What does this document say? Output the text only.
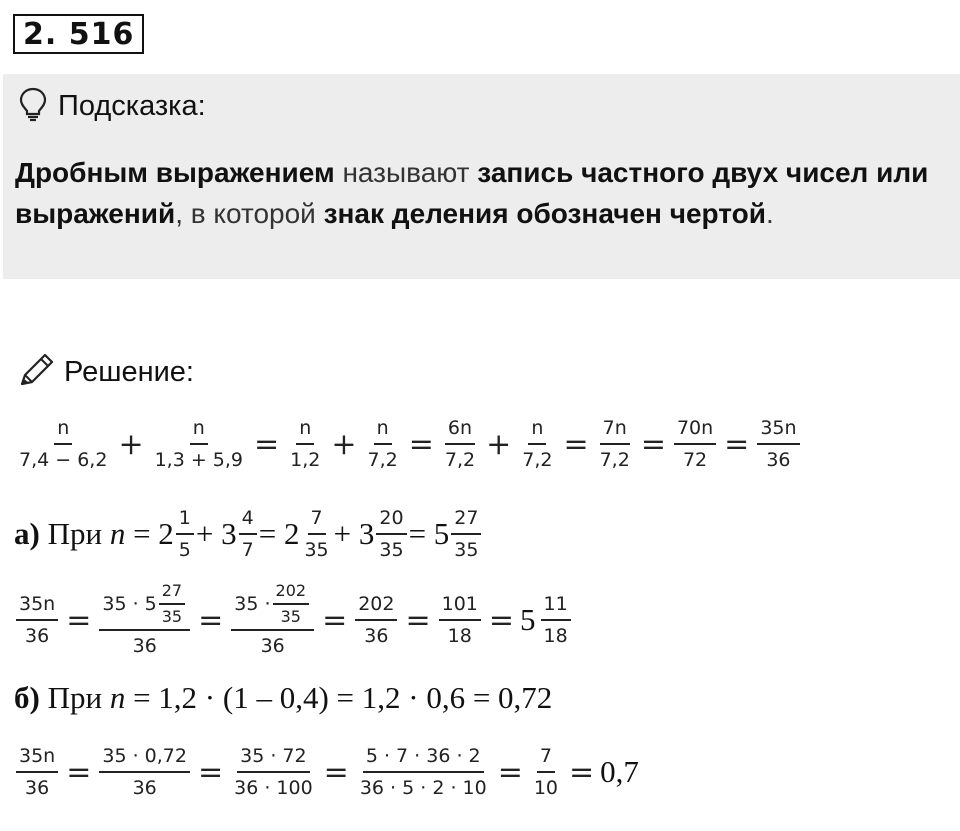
2. 516
Подсказка:
Дробным выражением называют запись частного двух чисел или выражений, в которой знак деления обозначен чертой.
Решение:
$\frac{n}{7,4 - 6,2} + \frac{n}{1,3 + 5,9} = \frac{n}{1,2} + \frac{n}{7,2} = \frac{6n}{7,2} + \frac{n}{7,2} = \frac{7n}{7,2} = \frac{70n}{72} = \frac{35n}{36}$
а) При $n = 2 \frac{1}{5} + 3 \frac{4}{7} = 2 \frac{7}{35} + 3 \frac{20}{35} = 5 \frac{27}{35}$
$\frac{35n}{36} = \frac{35 \cdot 5 \frac{27}{35}}{36} = \frac{35 \cdot \frac{202}{35}}{36} = \frac{202}{36} = \frac{101}{18} = 5 \frac{11}{18}$
б) При n = 1,2 · (1 – 0,4) = 1,2 · 0,6 = 0,72
$\frac{35n}{36} = \frac{35 \cdot 0,72}{36} = \frac{35 \cdot 72}{36 \cdot 100} = \frac{5 \cdot 7 \cdot 36 \cdot 2}{36 \cdot 5 \cdot 2 \cdot 10} = \frac{7}{10} = 0,7$
